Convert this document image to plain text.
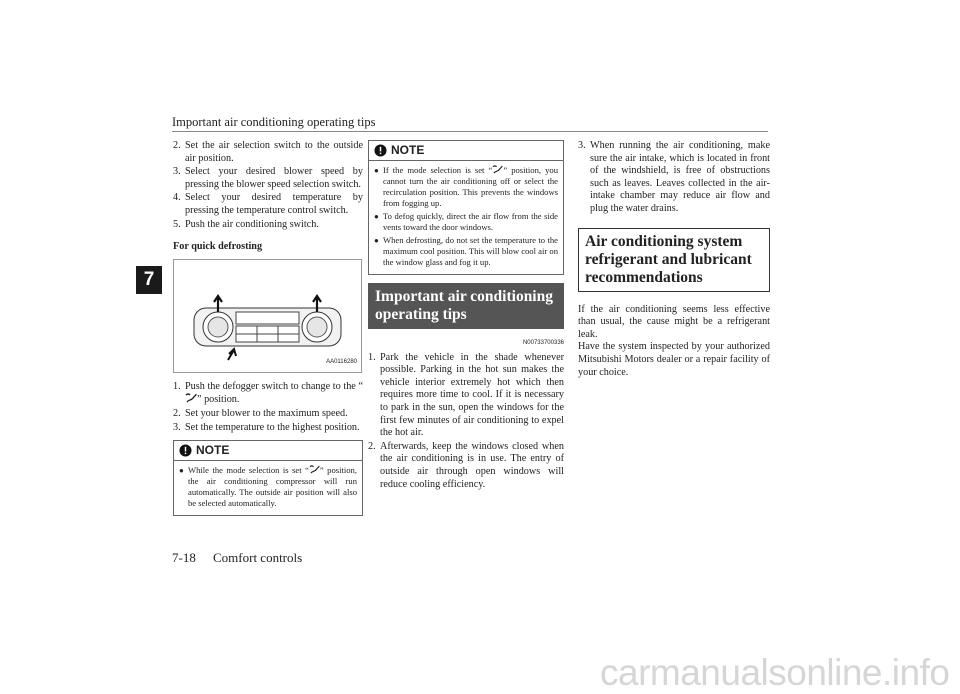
Important air conditioning operating tips
7
2. Set the air selection switch to the outside air position.
3. Select your desired blower speed by pressing the blower speed selection switch.
4. Select your desired temperature by pressing the temperature control switch.
5. Push the air conditioning switch.
For quick defrosting
AA0116280
1. Push the defogger switch to change to the “” position.
2. Set your blower to the maximum speed.
3. Set the temperature to the highest position.
NOTE
● While the mode selection is set “ ” position, the air conditioning compressor will run automatically. The outside air position will also be selected automatically.
NOTE
● If the mode selection is set “ ” position, you cannot turn the air conditioning off or select the recirculation position. This prevents the windows from fogging up.
● To defog quickly, direct the air flow from the side vents toward the door windows.
● When defrosting, do not set the temperature to the maximum cool position. This will blow cool air on the window glass and fog it up.
Important air conditioning operating tips
N00733700336
1. Park the vehicle in the shade whenever possible. Parking in the hot sun makes the vehicle interior extremely hot which then requires more time to cool. If it is necessary to park in the sun, open the windows for the first few minutes of air conditioning to expel the hot air.
2. Afterwards, keep the windows closed when the air conditioning is in use. The entry of outside air through open windows will reduce cooling efficiency.
3. When running the air conditioning, make sure the air intake, which is located in front of the windshield, is free of obstructions such as leaves. Leaves collected in the air-intake chamber may reduce air flow and plug the water drains.
Air conditioning system refrigerant and lubricant recommendations
If the air conditioning seems less effective than usual, the cause might be a refrigerant leak.
Have the system inspected by your authorized Mitsubishi Motors dealer or a repair facility of your choice.
7-18 Comfort controls
carmanualsonline.info
